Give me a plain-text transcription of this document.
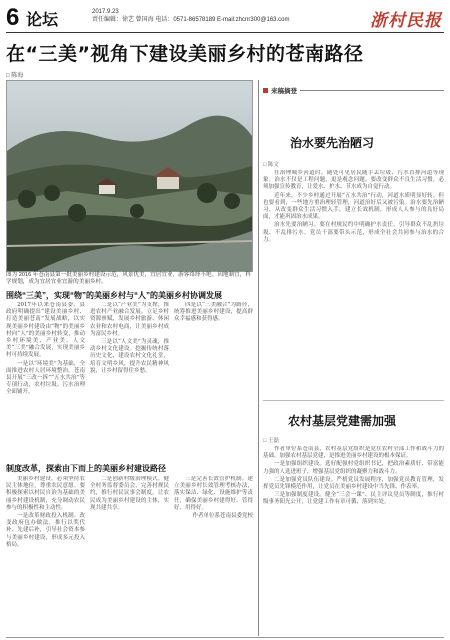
6 论坛	2017.9.23
责任编辑：徐艺 曾国海 电话：0571-86578189 E-mail:zhcnr300@163.com	浙村民报
在“三美”视角下建设美丽乡村的苍南路径
□ 陈海
图为 2016 年苍南县第一批美丽乡村建设示范，风景优美，宜居宜业，游客络绎不绝。因地制宜，科学规划，成为宜居宜业宜游的美丽乡村。
围绕“三美”，实现“物”的美丽乡村与“人”的美丽乡村协调发展

2017年以来苍南县委、县政府明确提出“建设美丽乡村、打造美丽苍南”发展战略，以实现美丽乡村建设由“物”的美丽乡村向“人”的美丽乡村转变，推动乡村环境美、产业美、人文美“三美”融合发展，实现美丽乡村可持续发展。

一是以“环境美”为基础，全面推进农村人居环境整治。苍南县开展“三改一拆”“五水共治”等专项行动，农村垃圾、污水治理全面铺开。

二是以“产业美”为支撑，推进农村产业融合发展。立足乡村资源禀赋，发展乡村旅游、休闲农业和农村电商，让美丽乡村成为富民乡村。

三是以“人文美”为灵魂，推动乡村文化建设。挖掘传统村落历史文化，建设农村文化礼堂，培育文明乡风，提升农民精神风貌，让乡村留得住乡愁。

四是以“三美融合”为路径，统筹推进美丽乡村建设，提高群众幸福感和获得感。

制度改革，探索由下而上的美丽乡村建设路径

美丽乡村建设，必须坚持农民主体地位，尊重农民意愿。要积极探索以村民自治为基础的美丽乡村建设机制，充分调动农民参与的积极性和主动性。

一是改革财政投入机制。改变政府包办做法，推行以奖代补、先建后补，引导社会资本参与美丽乡村建设，形成多元投入格局。

二是创新村级治理模式。健全村务监督委员会，完善村规民约，推行村民议事会制度，让农民成为美丽乡村建设的主体，实现共建共享。

三是完善长效管护机制。建立美丽乡村长效管理考核办法，落实保洁、绿化、设施维护等责任，确保美丽乡村建得好、管得好、用得好。

作者单位系苍南县委党校

来稿摘登
治水要先治陋习
□ 陈文

在治理城乡河道时，随处可见居民随手丢垃圾、污水直排河道等现象。治水不仅是工程问题，更是观念问题。要改变群众不良生活习惯，必须加强宣传教育，让爱水、护水、节水成为自觉行动。

近年来，不少乡村通过开展“五水共治”行动，河道水质明显好转。但也要看到，一些地方重治理轻管理，河道治好后又被污染。治水要先治陋习，从改变群众生活习惯入手，建立长效机制，形成人人参与的良好局面，才能巩固治水成果。

治水先要治陋习。要在村规民约中明确护水责任，引导群众不乱扔垃圾、不乱排污水。党员干部要带头示范，形成全社会共同参与治水的合力。

农村基层党建需加强
□ 王磊

作者单位系苍南县，农村基层党组织是党在农村全部工作和战斗力的基础。加强农村基层党建，是推进美丽乡村建设的根本保证。

一是加强组织建设。选好配强村党组织书记，把政治素质好、带富能力强的人选进班子，增强基层党组织的凝聚力和战斗力。

二是加强党员队伍建设。严格党员发展程序，加强党员教育管理，发挥党员先锋模范作用，让党员在美丽乡村建设中当先锋、作表率。

三是加强制度建设。健全“三会一课”、民主评议党员等制度，推行村级事务阳光公开，让党建工作有章可循、落到实处。
